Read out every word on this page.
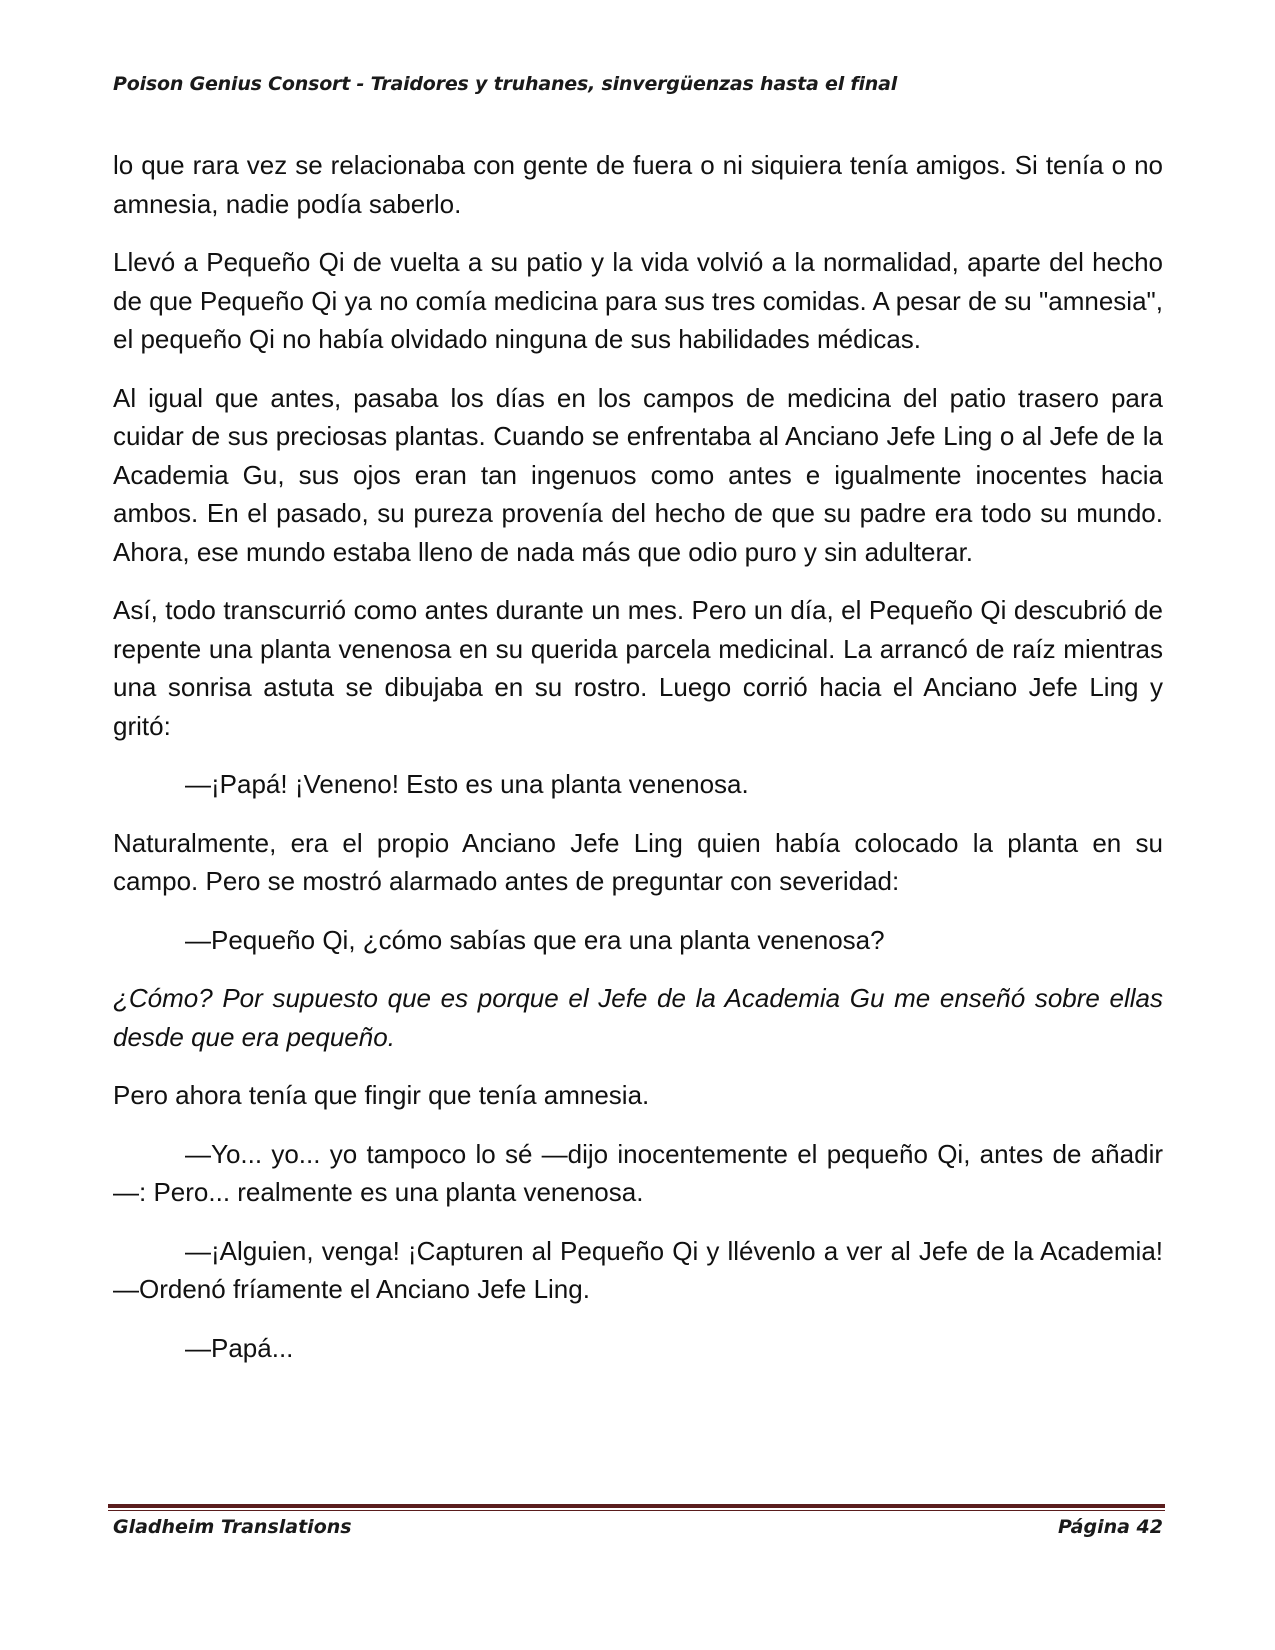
Poison Genius Consort - Traidores y truhanes, sinvergüenzas hasta el final

lo que rara vez se relacionaba con gente de fuera o ni siquiera tenía amigos. Si tenía o no amnesia, nadie podía saberlo.

Llevó a Pequeño Qi de vuelta a su patio y la vida volvió a la normalidad, aparte del hecho de que Pequeño Qi ya no comía medicina para sus tres comidas. A pesar de su "amnesia", el pequeño Qi no había olvidado ninguna de sus habilidades médicas.

Al igual que antes, pasaba los días en los campos de medicina del patio trasero para cuidar de sus preciosas plantas. Cuando se enfrentaba al Anciano Jefe Ling o al Jefe de la Academia Gu, sus ojos eran tan ingenuos como antes e igualmente inocentes hacia ambos. En el pasado, su pureza provenía del hecho de que su padre era todo su mundo. Ahora, ese mundo estaba lleno de nada más que odio puro y sin adulterar.

Así, todo transcurrió como antes durante un mes. Pero un día, el Pequeño Qi descubrió de repente una planta venenosa en su querida parcela medicinal. La arrancó de raíz mientras una sonrisa astuta se dibujaba en su rostro. Luego corrió hacia el Anciano Jefe Ling y gritó:

—¡Papá! ¡Veneno! Esto es una planta venenosa.

Naturalmente, era el propio Anciano Jefe Ling quien había colocado la planta en su campo. Pero se mostró alarmado antes de preguntar con severidad:

—Pequeño Qi, ¿cómo sabías que era una planta venenosa?

¿Cómo? Por supuesto que es porque el Jefe de la Academia Gu me enseñó sobre ellas desde que era pequeño.

Pero ahora tenía que fingir que tenía amnesia.

—Yo... yo... yo tampoco lo sé —dijo inocentemente el pequeño Qi, antes de añadir—: Pero... realmente es una planta venenosa.

—¡Alguien, venga! ¡Capturen al Pequeño Qi y llévenlo a ver al Jefe de la Academia! —Ordenó fríamente el Anciano Jefe Ling.

—Papá...

Gladheim Translations	Página 42
